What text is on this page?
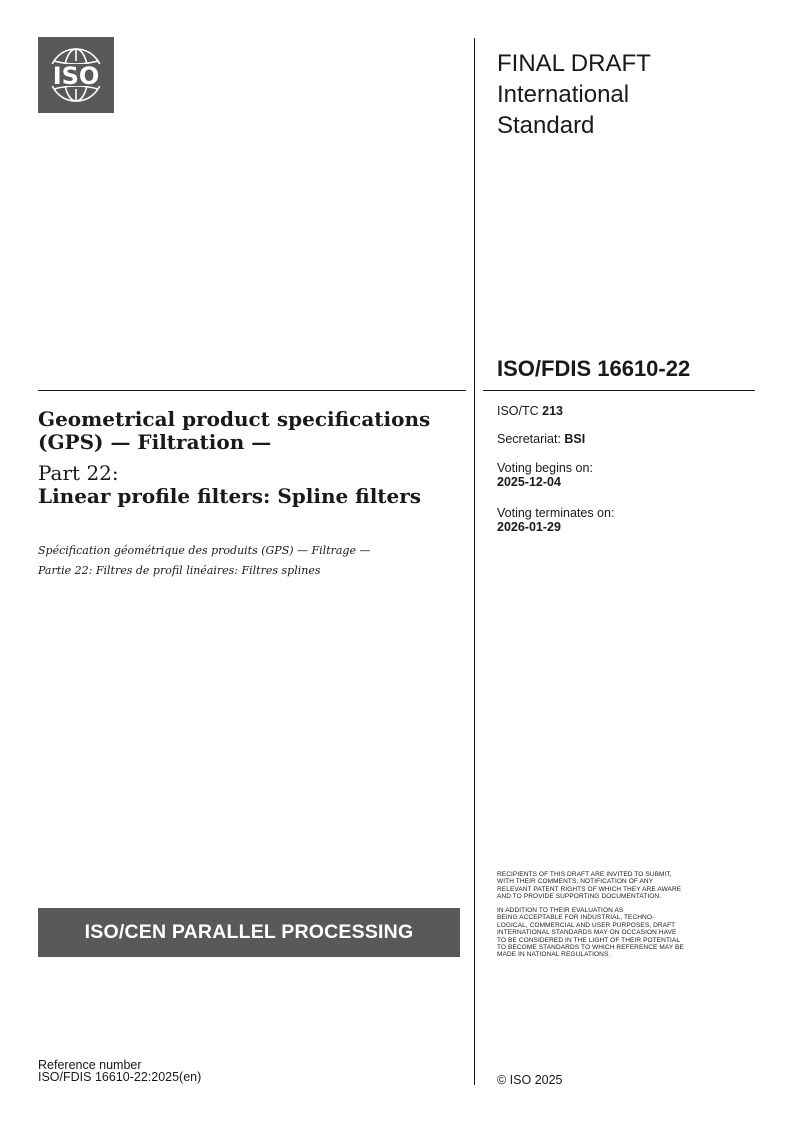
ISO	FINAL DRAFT
International
Standard
ISO/FDIS 16610-22
ISO/TC 213
Secretariat: BSI
Voting begins on:
2025-12-04
Voting terminates on:
2026-01-29
Geometrical product specifications
(GPS) — Filtration —
Part 22:
Linear profile filters: Spline filters
Spécification géométrique des produits (GPS) — Filtrage —
Partie 22: Filtres de profil linéaires: Filtres splines
ISO/CEN PARALLEL PROCESSING
RECIPIENTS OF THIS DRAFT ARE INVITED TO SUBMIT,
WITH THEIR COMMENTS, NOTIFICATION OF ANY
RELEVANT PATENT RIGHTS OF WHICH THEY ARE AWARE
AND TO PROVIDE SUPPORTING DOCUMENTATION.
IN ADDITION TO THEIR EVALUATION AS
BEING ACCEPTABLE FOR INDUSTRIAL, TECHNO-
LOGICAL, COMMERCIAL AND USER PURPOSES, DRAFT
INTERNATIONAL STANDARDS MAY ON OCCASION HAVE
TO BE CONSIDERED IN THE LIGHT OF THEIR POTENTIAL
TO BECOME STANDARDS TO WHICH REFERENCE MAY BE
MADE IN NATIONAL REGULATIONS.
Reference number
ISO/FDIS 16610-22:2025(en)	© ISO 2025
